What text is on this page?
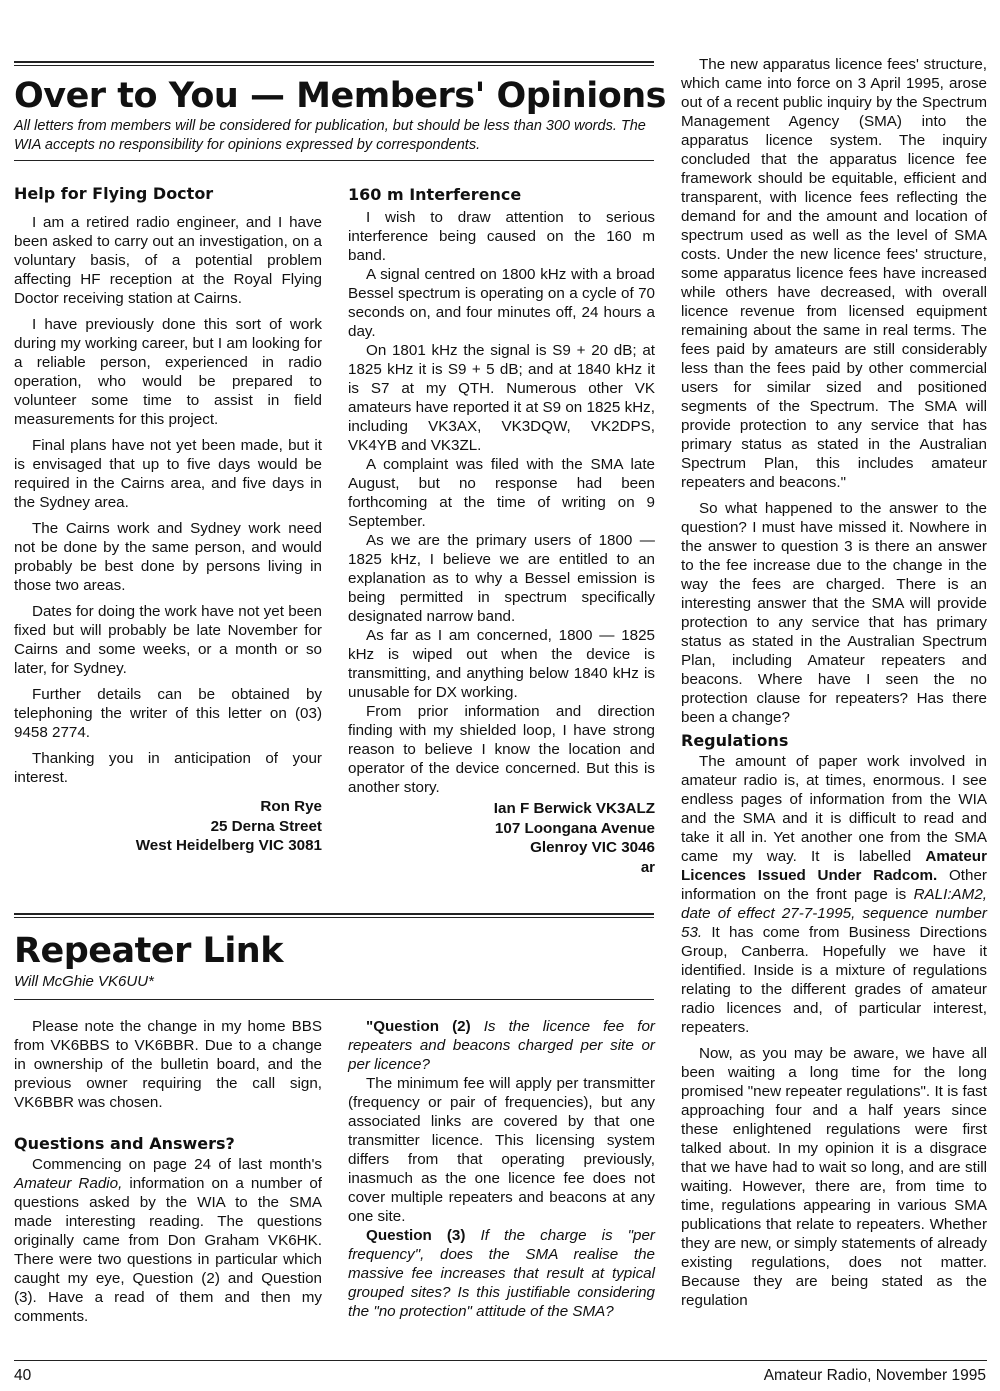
Over to You — Members' Opinions

All letters from members will be considered for publication, but should be less than 300 words. The WIA accepts no responsibility for opinions expressed by correspondents.

Help for Flying Doctor

I am a retired radio engineer, and I have been asked to carry out an investigation, on a voluntary basis, of a potential problem affecting HF reception at the Royal Flying Doctor receiving station at Cairns.

I have previously done this sort of work during my working career, but I am looking for a reliable person, experienced in radio operation, who would be prepared to volunteer some time to assist in field measurements for this project.

Final plans have not yet been made, but it is envisaged that up to five days would be required in the Cairns area, and five days in the Sydney area.

The Cairns work and Sydney work need not be done by the same person, and would probably be best done by persons living in those two areas.

Dates for doing the work have not yet been fixed but will probably be late November for Cairns and some weeks, or a month or so later, for Sydney.

Further details can be obtained by telephoning the writer of this letter on (03) 9458 2774.

Thanking you in anticipation of your interest.

Ron Rye
25 Derna Street
West Heidelberg VIC 3081
160 m Interference

I wish to draw attention to serious interference being caused on the 160 m band.

A signal centred on 1800 kHz with a broad Bessel spectrum is operating on a cycle of 70 seconds on, and four minutes off, 24 hours a day.

On 1801 kHz the signal is S9 + 20 dB; at 1825 kHz it is S9 + 5 dB; and at 1840 kHz it is S7 at my QTH. Numerous other VK amateurs have reported it at S9 on 1825 kHz, including VK3AX, VK3DQW, VK2DPS, VK4YB and VK3ZL.

A complaint was filed with the SMA late August, but no response had been forthcoming at the time of writing on 9 September.

As we are the primary users of 1800 — 1825 kHz, I believe we are entitled to an explanation as to why a Bessel emission is being permitted in spectrum specifically designated narrow band.

As far as I am concerned, 1800 — 1825 kHz is wiped out when the device is transmitting, and anything below 1840 kHz is unusable for DX working.

From prior information and direction finding with my shielded loop, I have strong reason to believe I know the location and operator of the device concerned. But this is another story.

Ian F Berwick VK3ALZ
107 Loongana Avenue
Glenroy VIC 3046
ar

The new apparatus licence fees' structure, which came into force on 3 April 1995, arose out of a recent public inquiry by the Spectrum Management Agency (SMA) into the apparatus licence system. The inquiry concluded that the apparatus licence fee framework should be equitable, efficient and transparent, with licence fees reflecting the demand for and the amount and location of spectrum used as well as the level of SMA costs. Under the new licence fees' structure, some apparatus licence fees have increased while others have decreased, with overall licence revenue from licensed equipment remaining about the same in real terms. The fees paid by amateurs are still considerably less than the fees paid by other commercial users for similar sized and positioned segments of the Spectrum. The SMA will provide protection to any service that has primary status as stated in the Australian Spectrum Plan, this includes amateur repeaters and beacons."

So what happened to the answer to the question? I must have missed it. Nowhere in the answer to question 3 is there an answer to the fee increase due to the change in the way the fees are charged. There is an interesting answer that the SMA will provide protection to any service that has primary status as stated in the Australian Spectrum Plan, including Amateur repeaters and beacons. Where have I seen the no protection clause for repeaters? Has there been a change?

Regulations

The amount of paper work involved in amateur radio is, at times, enormous. I see endless pages of information from the WIA and the SMA and it is difficult to read and take it all in. Yet another one from the SMA came my way. It is labelled Amateur Licences Issued Under Radcom. Other information on the front page is RALI:AM2, date of effect 27-7-1995, sequence number 53. It has come from Business Directions Group, Canberra. Hopefully we have it identified. Inside is a mixture of regulations relating to the different grades of amateur radio licences and, of particular interest, repeaters.

Now, as you may be aware, we have all been waiting a long time for the long promised "new repeater regulations". It is fast approaching four and a half years since these enlightened regulations were first talked about. In my opinion it is a disgrace that we have had to wait so long, and are still waiting. However, there are, from time to time, regulations appearing in various SMA publications that relate to repeaters. Whether they are new, or simply statements of already existing regulations, does not matter. Because they are being stated as the regulation

Repeater Link

Will McGhie VK6UU*

Please note the change in my home BBS from VK6BBS to VK6BBR. Due to a change in ownership of the bulletin board, and the previous owner requiring the call sign, VK6BBR was chosen.

Questions and Answers?

Commencing on page 24 of last month's Amateur Radio, information on a number of questions asked by the WIA to the SMA made interesting reading. The questions originally came from Don Graham VK6HK. There were two questions in particular which caught my eye, Question (2) and Question (3). Have a read of them and then my comments.

"Question (2) Is the licence fee for repeaters and beacons charged per site or per licence?

The minimum fee will apply per transmitter (frequency or pair of frequencies), but any associated links are covered by that one transmitter licence. This licensing system differs from that operating previously, inasmuch as the one licence fee does not cover multiple repeaters and beacons at any one site.

Question (3) If the charge is "per frequency", does the SMA realise the massive fee increases that result at typical grouped sites? Is this justifiable considering the "no protection" attitude of the SMA?

40	Amateur Radio, November 1995
